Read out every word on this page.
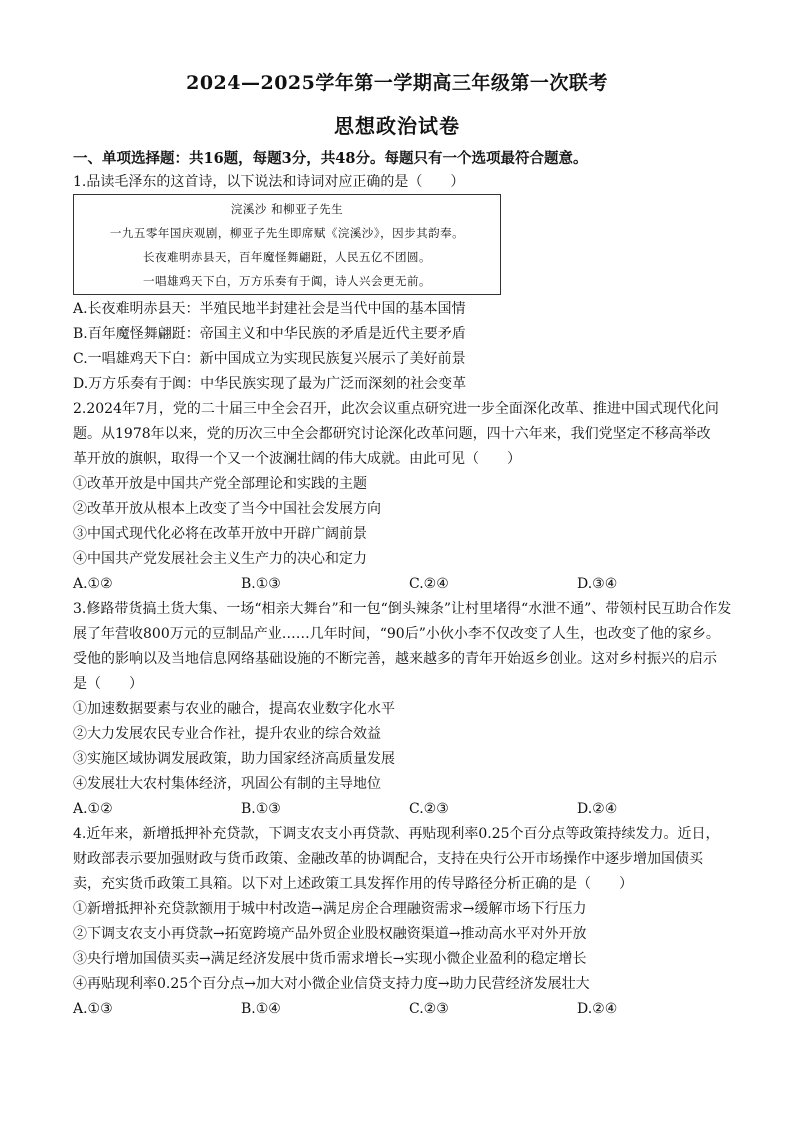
2024—2025学年第一学期高三年级第一次联考
思想政治试卷
一、单项选择题：共16题，每题3分，共48分。每题只有一个选项最符合题意。
1.品读毛泽东的这首诗，以下说法和诗词对应正确的是（　　）
浣溪沙 和柳亚子先生
一九五零年国庆观剧，柳亚子先生即席赋《浣溪沙》，因步其韵奉。
长夜难明赤县天，百年魔怪舞翩跹，人民五亿不团圆。
一唱雄鸡天下白，万方乐奏有于阗，诗人兴会更无前。
A.长夜难明赤县天：半殖民地半封建社会是当代中国的基本国情
B.百年魔怪舞翩跹：帝国主义和中华民族的矛盾是近代主要矛盾
C.一唱雄鸡天下白：新中国成立为实现民族复兴展示了美好前景
D.万方乐奏有于阗：中华民族实现了最为广泛而深刻的社会变革
2.2024年7月，党的二十届三中全会召开，此次会议重点研究进一步全面深化改革、推进中国式现代化问
题。从1978年以来，党的历次三中全会都研究讨论深化改革问题，四十六年来，我们党坚定不移高举改
革开放的旗帜，取得一个又一个波澜壮阔的伟大成就。由此可见（　　）
①改革开放是中国共产党全部理论和实践的主题
②改革开放从根本上改变了当今中国社会发展方向
③中国式现代化必将在改革开放中开辟广阔前景
④中国共产党发展社会主义生产力的决心和定力
A.①②	B.①③	C.②④	D.③④
3.修路带货搞土货大集、一场“相亲大舞台”和一包“倒头辣条”让村里堵得“水泄不通”、带领村民互助合作发
展了年营收800万元的豆制品产业……几年时间，“90后”小伙小李不仅改变了人生，也改变了他的家乡。
受他的影响以及当地信息网络基础设施的不断完善，越来越多的青年开始返乡创业。这对乡村振兴的启示
是（　　）
①加速数据要素与农业的融合，提高农业数字化水平
②大力发展农民专业合作社，提升农业的综合效益
③实施区域协调发展政策，助力国家经济高质量发展
④发展壮大农村集体经济，巩固公有制的主导地位
A.①②	B.①③	C.②③	D.②④
4.近年来，新增抵押补充贷款，下调支农支小再贷款、再贴现利率0.25个百分点等政策持续发力。近日，
财政部表示要加强财政与货币政策、金融改革的协调配合，支持在央行公开市场操作中逐步增加国债买
卖，充实货币政策工具箱。以下对上述政策工具发挥作用的传导路径分析正确的是（　　）
①新增抵押补充贷款额用于城中村改造→满足房企合理融资需求→缓解市场下行压力
②下调支农支小再贷款→拓宽跨境产品外贸企业股权融资渠道→推动高水平对外开放
③央行增加国债买卖→满足经济发展中货币需求增长→实现小微企业盈利的稳定增长
④再贴现利率0.25个百分点→加大对小微企业信贷支持力度→助力民营经济发展壮大
A.①③	B.①④	C.②③	D.②④
